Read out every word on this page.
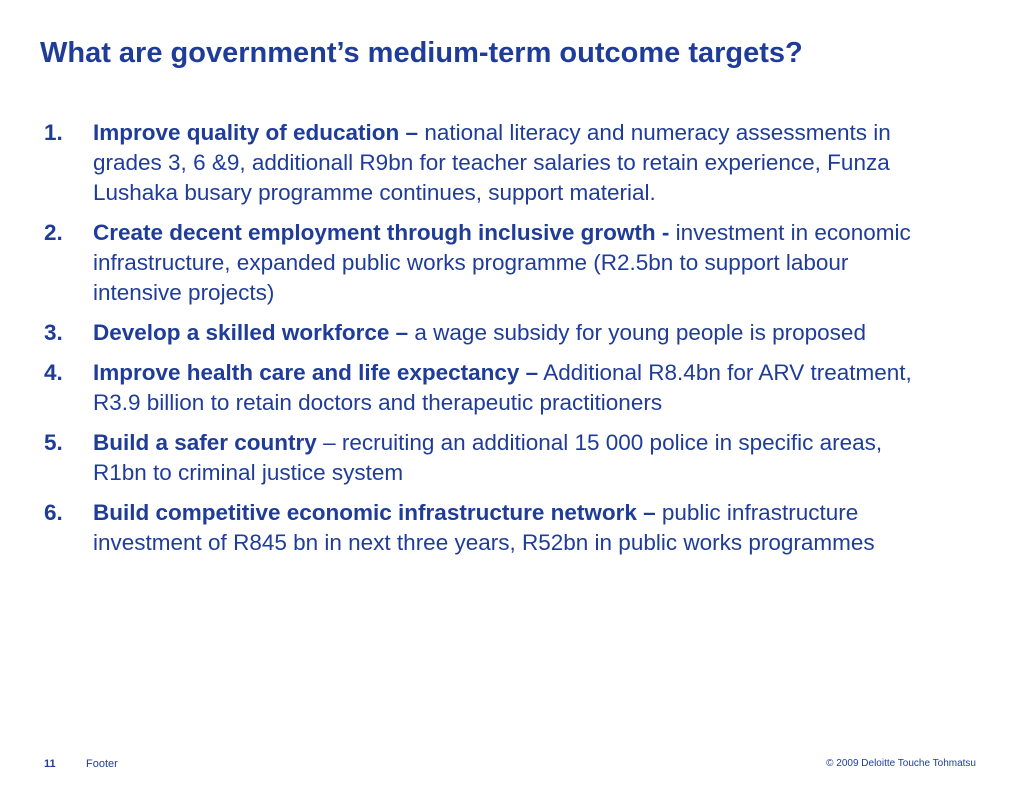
What are government’s medium-term outcome targets?
1. Improve quality of education – national literacy and numeracy assessments in grades 3, 6 &9, additionall R9bn for teacher salaries to retain experience, Funza Lushaka busary programme continues, support material.
2. Create decent employment through inclusive growth - investment in economic infrastructure, expanded public works programme (R2.5bn to support labour intensive projects)
3. Develop a skilled workforce – a wage subsidy for young people is proposed
4. Improve health care and life expectancy – Additional R8.4bn for ARV treatment, R3.9 billion to retain doctors and therapeutic practitioners
5. Build a safer country – recruiting an additional 15 000 police in specific areas, R1bn to criminal justice system
6. Build competitive economic infrastructure network – public infrastructure investment of R845 bn in next three years, R52bn in public works programmes
11	Footer	© 2009 Deloitte Touche Tohmatsu
